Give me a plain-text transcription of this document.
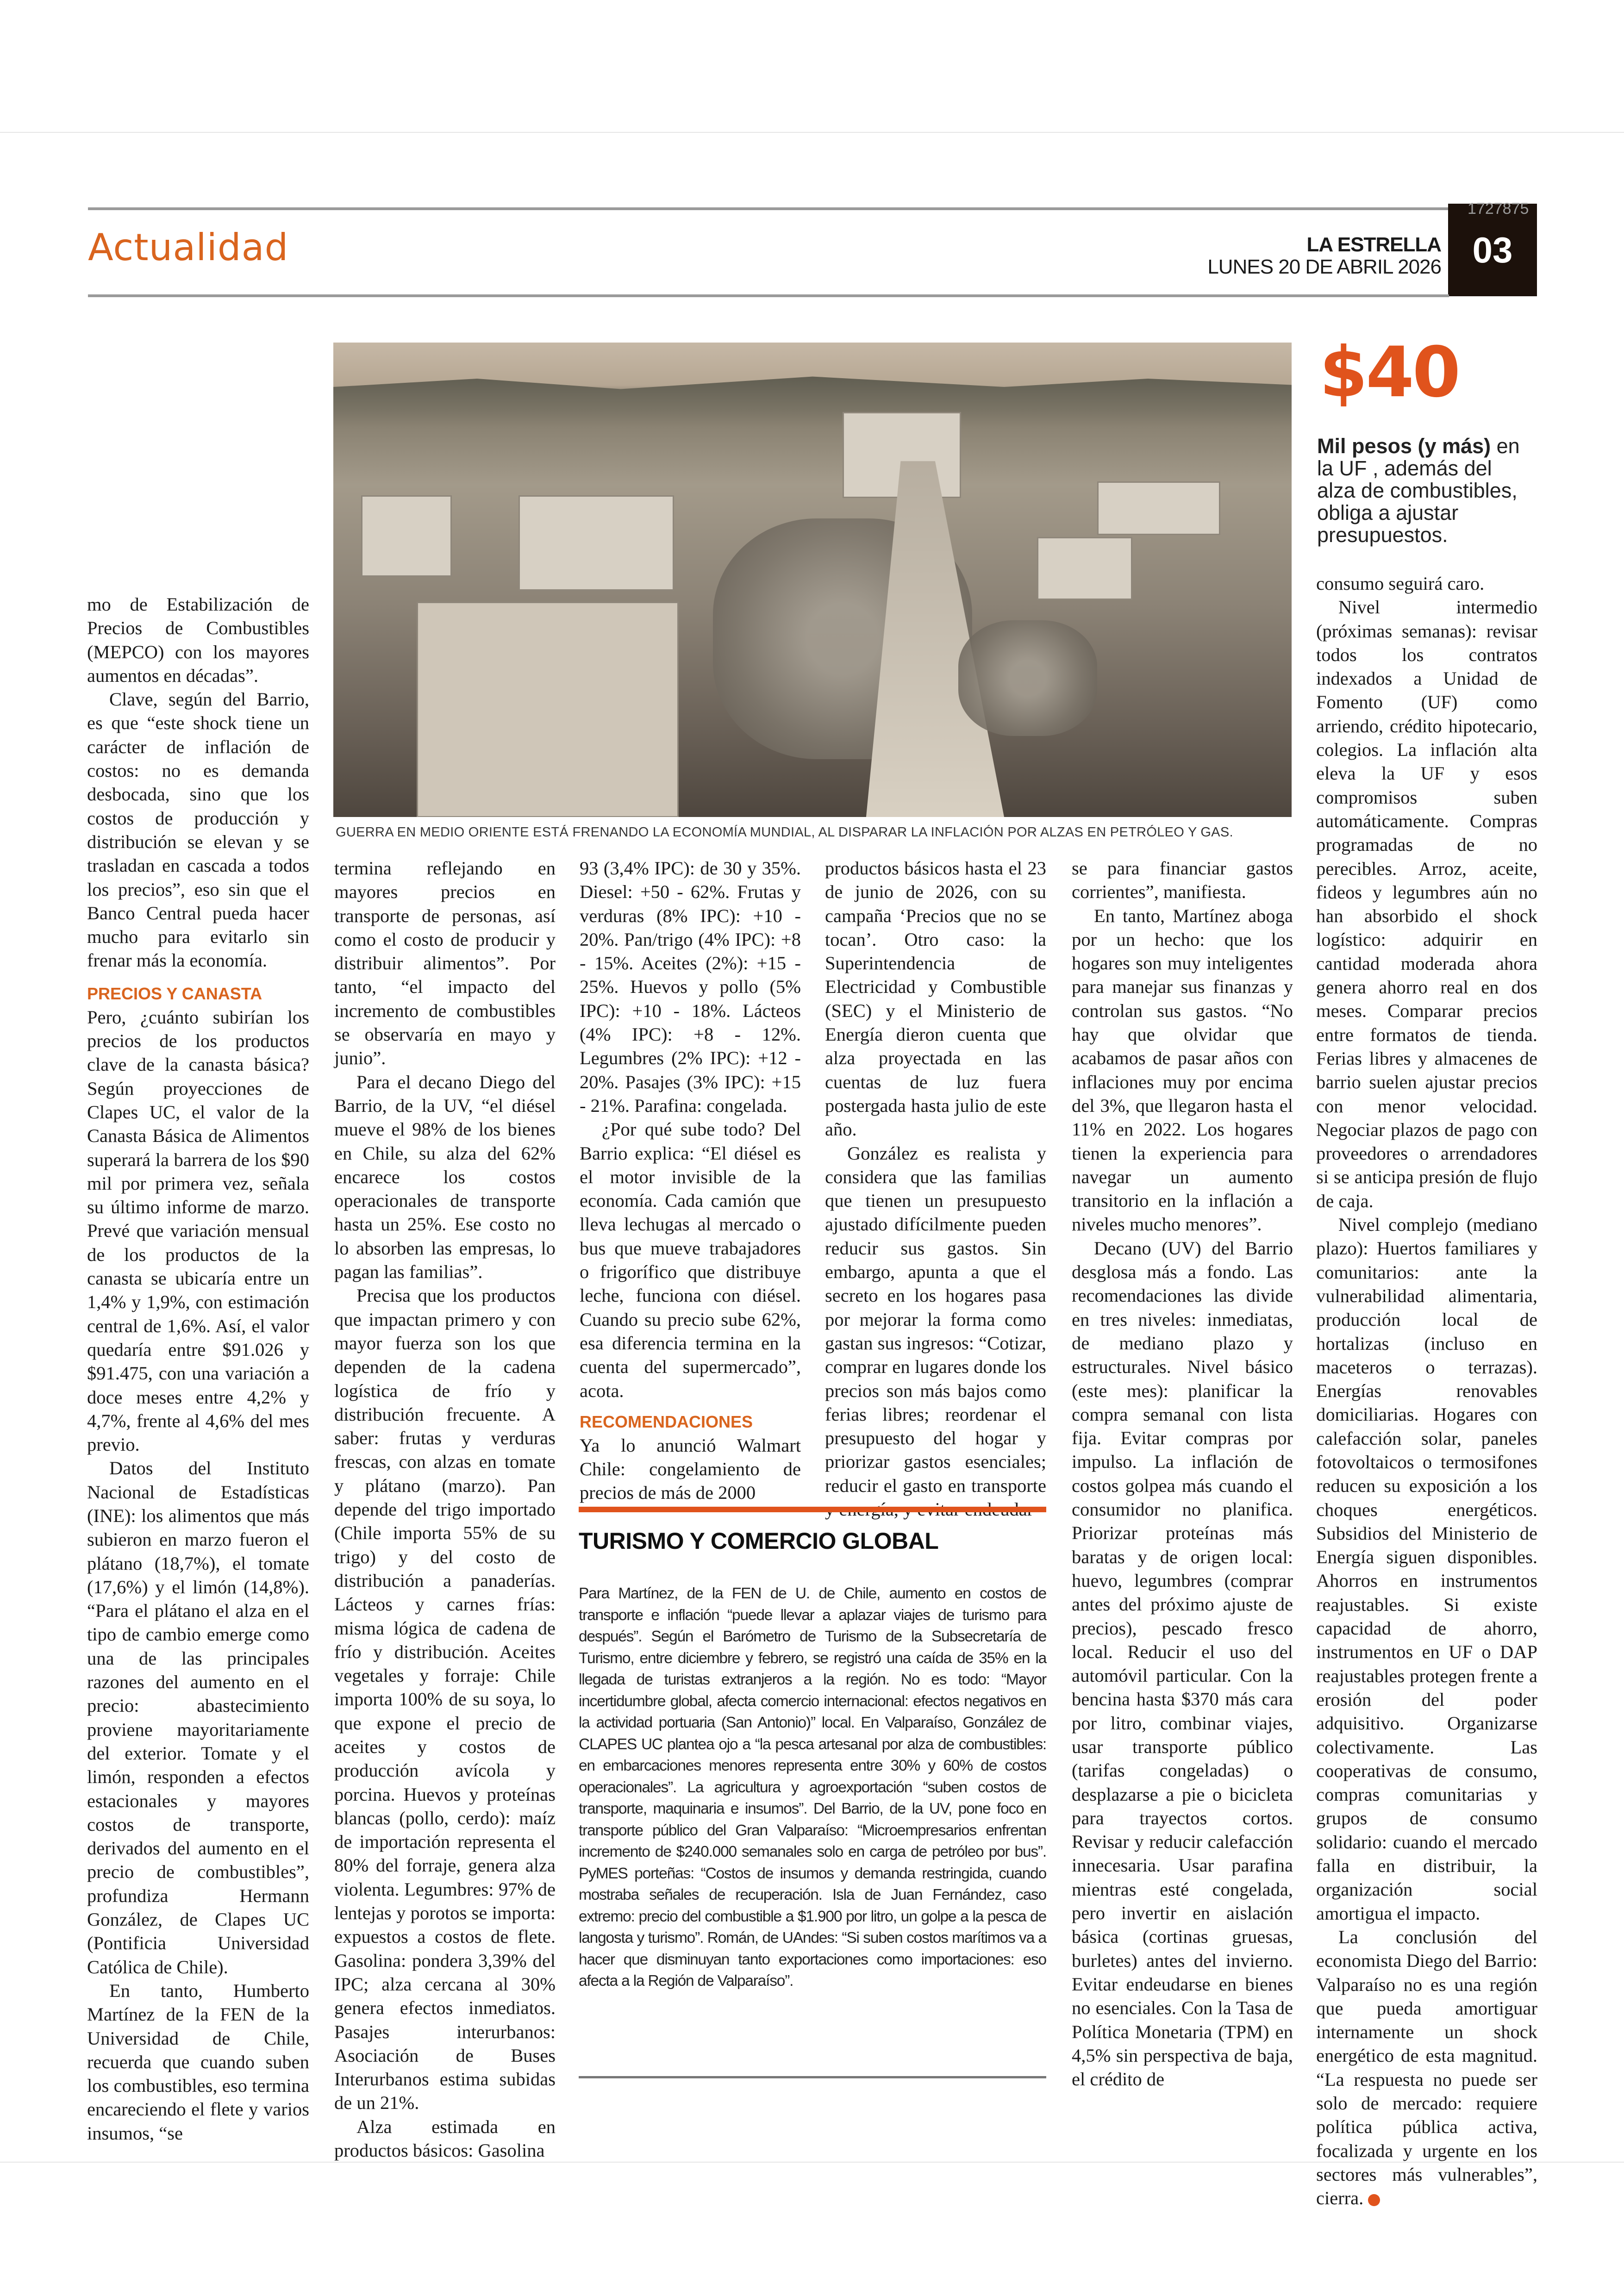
Actualidad	LA ESTRELLA
LUNES 20 DE ABRIL 2026 03
1727875
GUERRA EN MEDIO ORIENTE ESTÁ FRENANDO LA ECONOMÍA MUNDIAL, AL DISPARAR LA INFLACIÓN POR ALZAS EN PETRÓLEO Y GAS.
$40
Mil pesos (y más) en la UF , además del alza de combustibles, obliga a ajustar presupuestos.

mo de Estabilización de Precios de Combustibles (MEPCO) con los mayores aumentos en décadas”.

Clave, según del Barrio, es que “este shock tiene un carácter de inflación de costos: no es demanda desbocada, sino que los costos de producción y distribución se elevan y se trasladan en cascada a todos los precios”, eso sin que el Banco Central pueda hacer mucho para evitarlo sin frenar más la economía.

PRECIOS Y CANASTA

Pero, ¿cuánto subirían los precios de los productos clave de la canasta básica? Según proyecciones de Clapes UC, el valor de la Canasta Básica de Alimentos superará la barrera de los $90 mil por primera vez, señala su último informe de marzo. Prevé que variación mensual de los productos de la canasta se ubicaría entre un 1,4% y 1,9%, con estimación central de 1,6%. Así, el valor quedaría entre $91.026 y $91.475, con una variación a doce meses entre 4,2% y 4,7%, frente al 4,6% del mes previo.

Datos del Instituto Nacional de Estadísticas (INE): los alimentos que más subieron en marzo fueron el plátano (18,7%), el tomate (17,6%) y el limón (14,8%). “Para el plátano el alza en el tipo de cambio emerge como una de las principales razones del aumento en el precio: abastecimiento proviene mayoritariamente del exterior. Tomate y el limón, responden a efectos estacionales y mayores costos de transporte, derivados del aumento en el precio de combustibles”, profundiza Hermann González, de Clapes UC (Pontificia Universidad Católica de Chile).

En tanto, Humberto Martínez de la FEN de la Universidad de Chile, recuerda que cuando suben los combustibles, eso termina encareciendo el flete y varios insumos, “se

termina reflejando en mayores precios en transporte de personas, así como el costo de producir y distribuir alimentos”. Por tanto, “el impacto del incremento de combustibles se observaría en mayo y junio”.

Para el decano Diego del Barrio, de la UV, “el diésel mueve el 98% de los bienes en Chile, su alza del 62% encarece los costos operacionales de transporte hasta un 25%. Ese costo no lo absorben las empresas, lo pagan las familias”.

Precisa que los productos que impactan primero y con mayor fuerza son los que dependen de la cadena logística de frío y distribución frecuente. A saber: frutas y verduras frescas, con alzas en tomate y plátano (marzo). Pan depende del trigo importado (Chile importa 55% de su trigo) y del costo de distribución a panaderías. Lácteos y carnes frías: misma lógica de cadena de frío y distribución. Aceites vegetales y forraje: Chile importa 100% de su soya, lo que expone el precio de aceites y costos de producción avícola y porcina. Huevos y proteínas blancas (pollo, cerdo): maíz de importación representa el 80% del forraje, genera alza violenta. Legumbres: 97% de lentejas y porotos se importa: expuestos a costos de flete. Gasolina: pondera 3,39% del IPC; alza cercana al 30% genera efectos inmediatos. Pasajes interurbanos: Asociación de Buses Interurbanos estima subidas de un 21%.

Alza estimada en productos básicos: Gasolina

93 (3,4% IPC): de 30 y 35%. Diesel: +50 - 62%. Frutas y verduras (8% IPC): +10 - 20%. Pan/trigo (4% IPC): +8 - 15%. Aceites (2%): +15 - 25%. Huevos y pollo (5% IPC): +10 - 18%. Lácteos (4% IPC): +8 - 12%. Legumbres (2% IPC): +12 - 20%. Pasajes (3% IPC): +15 - 21%. Parafina: congelada.

¿Por qué sube todo? Del Barrio explica: “El diésel es el motor invisible de la economía. Cada camión que lleva lechugas al mercado o bus que mueve trabajadores o frigorífico que distribuye leche, funciona con diésel. Cuando su precio sube 62%, esa diferencia termina en la cuenta del supermercado”, acota.

RECOMENDACIONES

Ya lo anunció Walmart Chile: congelamiento de precios de más de 2000

productos básicos hasta el 23 de junio de 2026, con su campaña ‘Precios que no se tocan’. Otro caso: la Superintendencia de Electricidad y Combustible (SEC) y el Ministerio de Energía dieron cuenta que alza proyectada en las cuentas de luz fuera postergada hasta julio de este año.

González es realista y considera que las familias que tienen un presupuesto ajustado difícilmente pueden reducir sus gastos. Sin embargo, apunta a que el secreto en los hogares pasa por mejorar la forma como gastan sus ingresos: “Cotizar, comprar en lugares donde los precios son más bajos como ferias libres; reordenar el presupuesto del hogar y priorizar gastos esenciales; reducir el gasto en transporte

se para financiar gastos corrientes”, manifiesta.

En tanto, Martínez aboga por un hecho: que los hogares son muy inteligentes para manejar sus finanzas y controlan sus gastos. “No hay que olvidar que acabamos de pasar años con inflaciones muy por encima del 3%, que llegaron hasta el 11% en 2022. Los hogares tienen la experiencia para navegar un aumento transitorio en la inflación a niveles mucho menores”.

Decano (UV) del Barrio desglosa más a fondo. Las recomendaciones las divide en tres niveles: inmediatas, de mediano plazo y estructurales. Nivel básico (este mes): planificar la compra semanal con lista fija. Evitar compras por impulso. La inflación de costos golpea más cuando el consumidor no planifica. Priorizar proteínas más baratas y de origen local: huevo, legumbres (comprar antes del próximo ajuste de precios), pescado fresco local. Reducir el uso del automóvil particular. Con la bencina hasta $370 más cara por litro, combinar viajes, usar transporte público (tarifas congeladas) o desplazarse a pie o bicicleta para trayectos cortos. Revisar y reducir calefacción innecesaria. Usar parafina mientras esté congelada, pero invertir en aislación básica (cortinas gruesas, burletes) antes del invierno. Evitar endeudarse en bienes no esenciales. Con la Tasa de Política Monetaria (TPM) en 4,5% sin perspectiva de baja, el crédito de

consumo seguirá caro.

Nivel intermedio (próximas semanas): revisar todos los contratos indexados a Unidad de Fomento (UF) como arriendo, crédito hipotecario, colegios. La inflación alta eleva la UF y esos compromisos suben automáticamente. Compras programadas de no perecibles. Arroz, aceite, fideos y legumbres aún no han absorbido el shock logístico: adquirir en cantidad moderada ahora genera ahorro real en dos meses. Comparar precios entre formatos de tienda. Ferias libres y almacenes de barrio suelen ajustar precios con menor velocidad. Negociar plazos de pago con proveedores o arrendadores si se anticipa presión de flujo de caja.

Nivel complejo (mediano plazo): Huertos familiares y comunitarios: ante la vulnerabilidad alimentaria, producción local de hortalizas (incluso en maceteros o terrazas). Energías renovables domiciliarias. Hogares con calefacción solar, paneles fotovoltaicos o termosifones reducen su exposición a los choques energéticos. Subsidios del Ministerio de Energía siguen disponibles. Ahorros en instrumentos reajustables. Si existe capacidad de ahorro, instrumentos en UF o DAP reajustables protegen frente a erosión del poder adquisitivo. Organizarse colectivamente. Las cooperativas de consumo, compras comunitarias y grupos de consumo solidario: cuando el mercado falla en distribuir, la organización social amortigua el impacto.

La conclusión del economista Diego del Barrio: Valparaíso no es una región que pueda amortiguar internamente un shock energético de esta magnitud. “La respuesta no puede ser solo de mercado: requiere política pública activa, focalizada y urgente en los sectores más vulnerables”, cierra.	✕

TURISMO Y COMERCIO GLOBAL
Para Martínez, de la FEN de U. de Chile, aumento en costos de transporte e inflación “puede llevar a aplazar viajes de turismo para después”. Según el Barómetro de Turismo de la Subsecretaría de Turismo, entre diciembre y febrero, se registró una caída de 35% en la llegada de turistas extranjeros a la región. No es todo: “Mayor incertidumbre global, afecta comercio internacional: efectos negativos en la actividad portuaria (San Antonio)” local. En Valparaíso, González de CLAPES UC plantea ojo a “la pesca artesanal por alza de combustibles: en embarcaciones menores representa entre 30% y 60% de costos operacionales”. La agricultura y agroexportación “suben costos de transporte, maquinaria e insumos”. Del Barrio, de la UV, pone foco en transporte público del Gran Valparaíso: “Microempresarios enfrentan incremento de $240.000 semanales solo en carga de petróleo por bus”. PyMES porteñas: “Costos de insumos y demanda restringida, cuando mostraba señales de recuperación. Isla de Juan Fernández, caso extremo: precio del combustible a $1.900 por litro, un golpe a la pesca de langosta y turismo”. Román, de UAndes: “Si suben costos marítimos va a hacer que disminuyan tanto exportaciones como importaciones: eso afecta a la Región de Valparaíso”.
